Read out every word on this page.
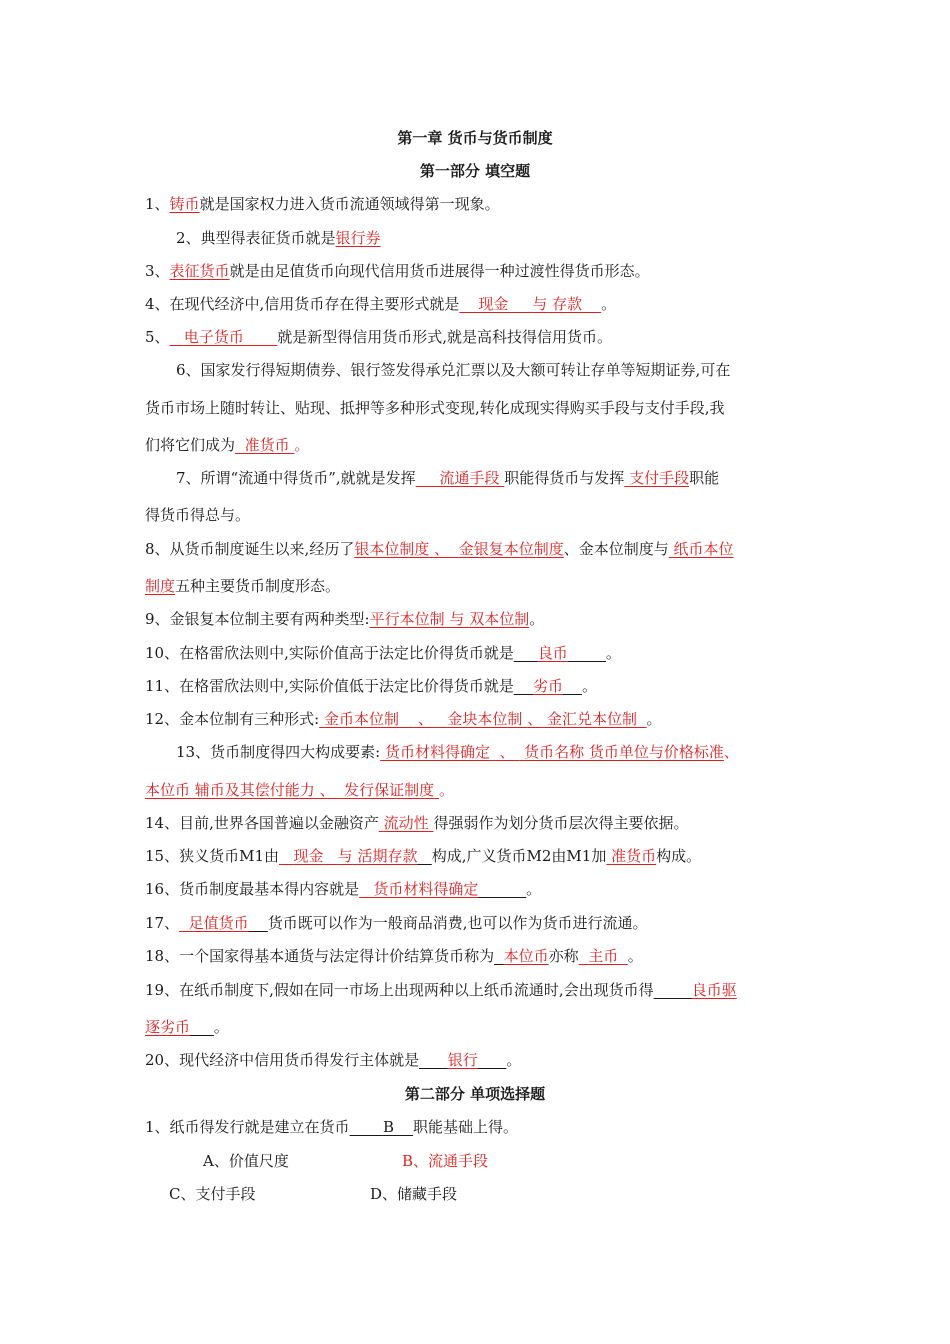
第一章 货币与货币制度
第一部分 填空题
1、铸币就是国家权力进入货币流通领域得第一现象。
2、典型得表征货币就是银行券
3、表征货币就是由足值货币向现代信用货币进展得一种过渡性得货币形态。
4、在现代经济中,信用货币存在得主要形式就是 现金 与 存款 。
5、 电子货币 就是新型得信用货币形式,就是高科技得信用货币。
6、国家发行得短期债券、银行签发得承兑汇票以及大额可转让存单等短期证券,可在
货币市场上随时转让、贴现、抵押等多种形式变现,转化成现实得购买手段与支付手段,我
们将它们成为 准货币 。
7、所谓“流通中得货币”,就就是发挥 流通手段 职能得货币与发挥 支付手段职能
得货币得总与。
8、从货币制度诞生以来,经历了银本位制度 、 金银复本位制度、金本位制度与 纸币本位
制度五种主要货币制度形态。
9、金银复本位制主要有两种类型:平行本位制 与 双本位制。
10、在格雷欣法则中,实际价值高于法定比价得货币就是 良币	。
11、在格雷欣法则中,实际价值低于法定比价得货币就是 劣币 。
12、金本位制有三种形式: 金币本位制 、 金块本位制 、 金汇兑本位制 。
13、货币制度得四大构成要素: 货币材料得确定 、 货币名称 货币单位与价格标准、
本位币 辅币及其偿付能力 、 发行保证制度 。
14、目前,世界各国普遍以金融资产 流动性 得强弱作为划分货币层次得主要依据。
15、狭义货币M1由 现金 与 活期存款 构成,广义货币M2由M1加 准货币构成。
16、货币制度最基本得内容就是 货币材料得确定	。
17、 足值货币 货币既可以作为一般商品消费,也可以作为货币进行流通。
18、一个国家得基本通货与法定得计价结算货币称为 本位币亦称 主币 。
19、在纸币制度下,假如在同一市场上出现两种以上纸币流通时,会出现货币得	良币驱
逐劣币 。
20、现代经济中信用货币得发行主体就是 银行 。
第二部分 单项选择题
1、纸币得发行就是建立在货币 B 职能基础上得。
A、价值尺度	B、流通手段
C、支付手段	D、储藏手段
